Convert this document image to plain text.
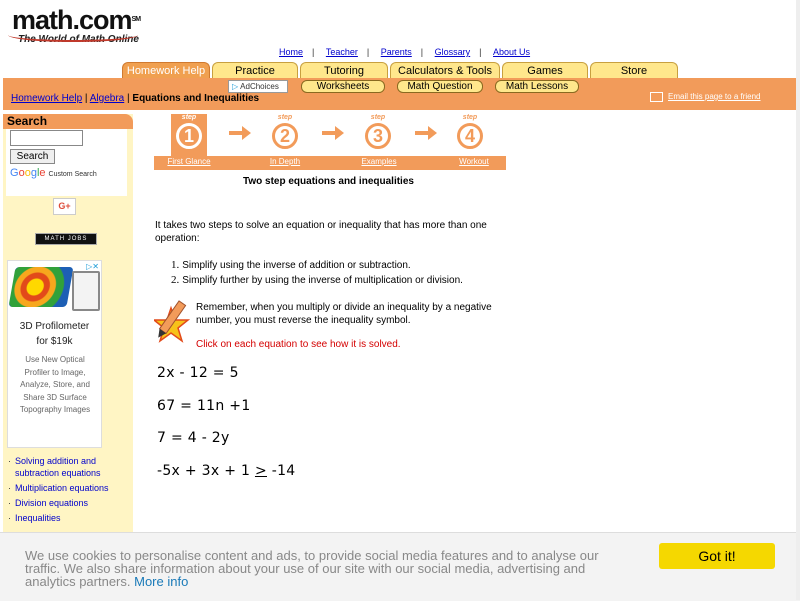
math.com℠
The World of Math Online
Home | Teacher | Parents | Glossary | About Us
Homework Help	Practice	Tutoring	Calculators & Tools	Games	Store
▷ AdChoices	Worksheets	Math Question	Math Lessons
Homework Help | Algebra | Equations and Inequalities	Email this page to a friend
Search
Search
Google Custom Search
G+
MATH JOBS
▷✕
3D Profilometer
for $19k
Use New Optical Profiler to Image, Analyze, Store, and Share 3D Surface Topography Images
· Solving addition and subtraction equations
· Multiplication equations
· Division equations
· Inequalities
step
1
step
2
step
3
step
4
First Glance	In Depth	Examples	Workout
Two step equations and inequalities
It takes two steps to solve an equation or inequality that has more than one operation:
1. Simplify using the inverse of addition or subtraction.
2. Simplify further by using the inverse of multiplication or division.
Remember, when you multiply or divide an inequality by a negative number, you must reverse the inequality symbol.
Click on each equation to see how it is solved.
2x - 12 = 5
67 = 11n +1
7 = 4 - 2y
-5x + 3x + 1 > -14
We use cookies to personalise content and ads, to provide social media features and to analyse our traffic. We also share information about your use of our site with our social media, advertising and analytics partners. More info
Got it!
